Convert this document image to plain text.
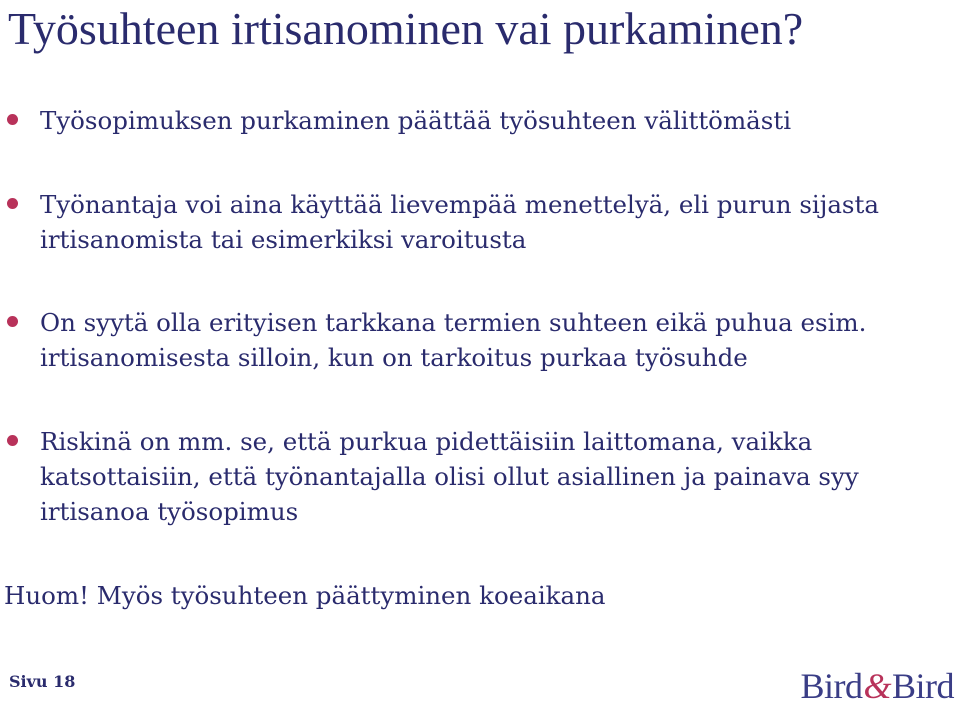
Työsuhteen irtisanominen vai purkaminen?
Työsopimuksen purkaminen päättää työsuhteen välittömästi
Työnantaja voi aina käyttää lievempää menettelyä, eli purun sijasta irtisanomista tai esimerkiksi varoitusta
On syytä olla erityisen tarkkana termien suhteen eikä puhua esim. irtisanomisesta silloin, kun on tarkoitus purkaa työsuhde
Riskinä on mm. se, että purkua pidettäisiin laittomana, vaikka katsottaisiin, että työnantajalla olisi ollut asiallinen ja painava syy irtisanoa työsopimus
Huom! Myös työsuhteen päättyminen koeaikana
Sivu 18	Bird&Bird
